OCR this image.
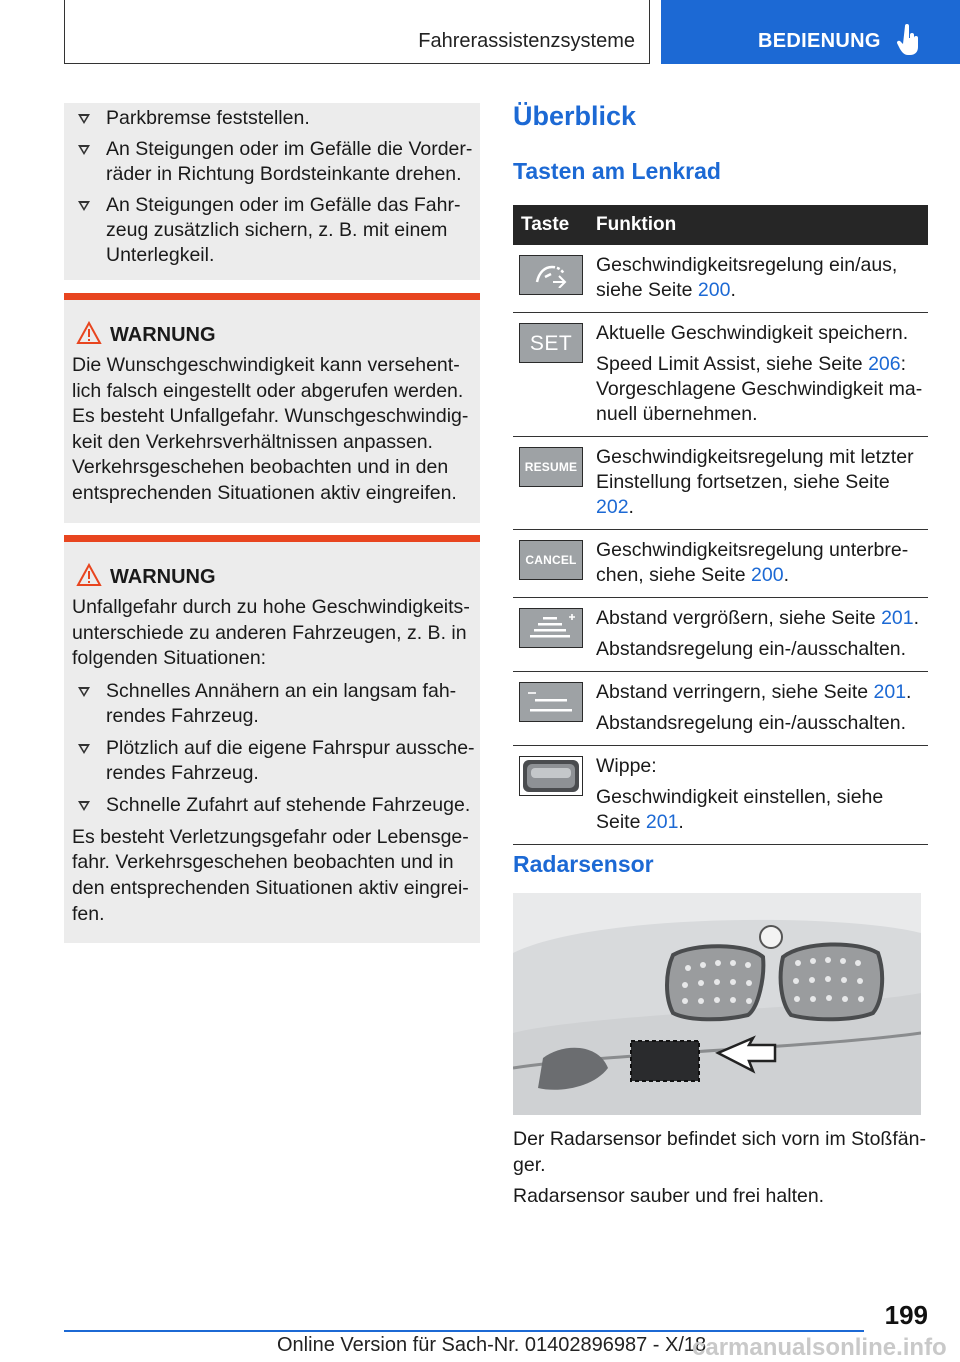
Fahrerassistenzsysteme	BEDIENUNG
Parkbremse feststellen.
An Steigungen oder im Gefälle die Vorderräder in Richtung Bordsteinkante drehen.
An Steigungen oder im Gefälle das Fahrzeug zusätzlich sichern, z. B. mit einem Unterlegkeil.
WARNUNG
Die Wunschgeschwindigkeit kann versehentlich falsch eingestellt oder abgerufen werden. Es besteht Unfallgefahr. Wunschgeschwindigkeit den Verkehrsverhältnissen anpassen. Verkehrsgeschehen beobachten und in den entsprechenden Situationen aktiv eingreifen.
WARNUNG
Unfallgefahr durch zu hohe Geschwindigkeitsunterschiede zu anderen Fahrzeugen, z. B. in folgenden Situationen:
Schnelles Annähern an ein langsam fahrendes Fahrzeug.
Plötzlich auf die eigene Fahrspur ausscherendes Fahrzeug.
Schnelle Zufahrt auf stehende Fahrzeuge.
Es besteht Verletzungsgefahr oder Lebensgefahr. Verkehrsgeschehen beobachten und in den entsprechenden Situationen aktiv eingreifen.
Überblick
Tasten am Lenkrad
Taste	Funktion

	Geschwindigkeitsregelung ein/aus, siehe Seite 200.

SET	Aktuelle Geschwindigkeit speichern.
Speed Limit Assist, siehe Seite 206: Vorgeschlagene Geschwindigkeit manuell übernehmen.

RESUME	Geschwindigkeitsregelung mit letzter Einstellung fortsetzen, siehe Seite 202.

CANCEL	Geschwindigkeitsregelung unterbrechen, siehe Seite 200.

Abstand vergrößern, siehe Seite 201.
Abstandsregelung ein-/ausschalten.

Abstand verringern, siehe Seite 201.
Abstandsregelung ein-/ausschalten.

Wippe:
Geschwindigkeit einstellen, siehe Seite 201.
Radarsensor

Der Radarsensor befindet sich vorn im Stoßfänger.

Radarsensor sauber und frei halten.

199
Online Version für Sach-Nr. 01402896987 - X/18
carmanualsonline.info
